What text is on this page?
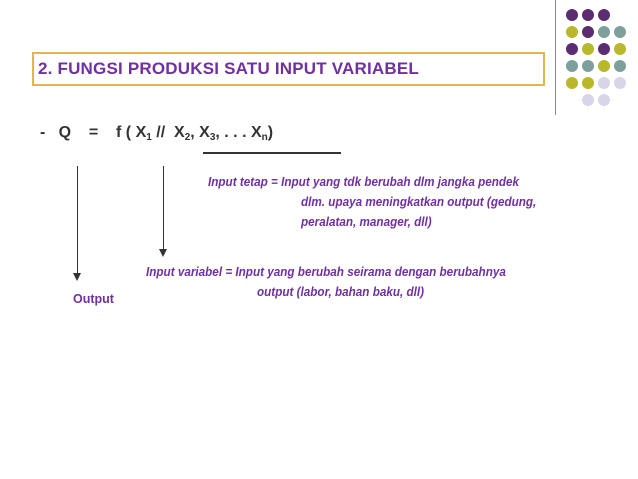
2. FUNGSI PRODUKSI SATU INPUT VARIABEL
-   Q    =    f ( $X_1 // X_2$, $X_3$, . . . $X_n$)
Input tetap = Input yang tdk berubah dlm jangka pendek
dlm. upaya meningkatkan output (gedung,
peralatan, manager, dll)
Input variabel = Input yang berubah seirama dengan berubahnya
output (labor, bahan baku, dll)
Output
